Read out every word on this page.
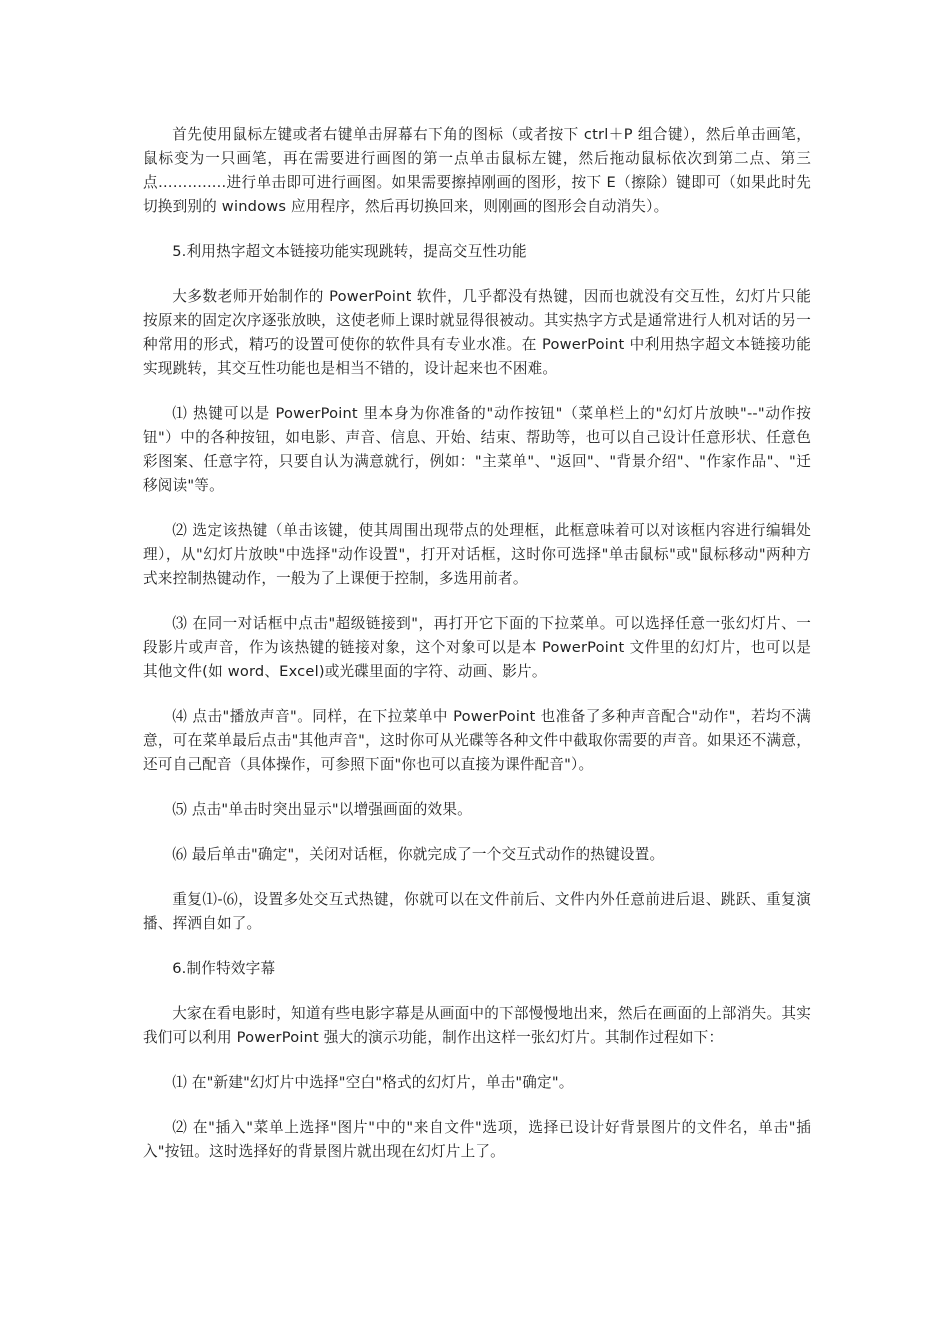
首先使用鼠标左键或者右键单击屏幕右下角的图标（或者按下 ctrl＋P 组合键），然后单击画笔，鼠标变为一只画笔，再在需要进行画图的第一点单击鼠标左键，然后拖动鼠标依次到第二点、第三点……........进行单击即可进行画图。如果需要擦掉刚画的图形，按下 E（擦除）键即可（如果此时先切换到别的 windows 应用程序，然后再切换回来，则刚画的图形会自动消失）。

5.利用热字超文本链接功能实现跳转，提高交互性功能

大多数老师开始制作的 PowerPoint 软件，几乎都没有热键，因而也就没有交互性，幻灯片只能按原来的固定次序逐张放映，这使老师上课时就显得很被动。其实热字方式是通常进行人机对话的另一种常用的形式，精巧的设置可使你的软件具有专业水准。在 PowerPoint 中利用热字超文本链接功能实现跳转，其交互性功能也是相当不错的，设计起来也不困难。

⑴ 热键可以是 PowerPoint 里本身为你准备的"动作按钮"（菜单栏上的"幻灯片放映"--"动作按钮"）中的各种按钮，如电影、声音、信息、开始、结束、帮助等，也可以自己设计任意形状、任意色彩图案、任意字符，只要自认为满意就行，例如："主菜单"、"返回"、"背景介绍"、"作家作品"、"迁移阅读"等。

⑵ 选定该热键（单击该键，使其周围出现带点的处理框，此框意味着可以对该框内容进行编辑处理），从"幻灯片放映"中选择"动作设置"，打开对话框，这时你可选择"单击鼠标"或"鼠标移动"两种方式来控制热键动作，一般为了上课便于控制，多选用前者。

⑶ 在同一对话框中点击"超级链接到"，再打开它下面的下拉菜单。可以选择任意一张幻灯片、一段影片或声音，作为该热键的链接对象，这个对象可以是本 PowerPoint 文件里的幻灯片，也可以是其他文件(如 word、Excel)或光碟里面的字符、动画、影片。

⑷ 点击"播放声音"。同样，在下拉菜单中 PowerPoint 也准备了多种声音配合"动作"，若均不满意，可在菜单最后点击"其他声音"，这时你可从光碟等各种文件中截取你需要的声音。如果还不满意，还可自己配音（具体操作，可参照下面"你也可以直接为课件配音"）。

⑸ 点击"单击时突出显示"以增强画面的效果。

⑹ 最后单击"确定"，关闭对话框，你就完成了一个交互式动作的热键设置。

重复⑴-⑹，设置多处交互式热键，你就可以在文件前后、文件内外任意前进后退、跳跃、重复演播、挥洒自如了。

6.制作特效字幕

大家在看电影时，知道有些电影字幕是从画面中的下部慢慢地出来，然后在画面的上部消失。其实我们可以利用 PowerPoint 强大的演示功能，制作出这样一张幻灯片。其制作过程如下：

⑴ 在"新建"幻灯片中选择"空白"格式的幻灯片，单击"确定"。

⑵ 在"插入"菜单上选择"图片"中的"来自文件"选项，选择已设计好背景图片的文件名，单击"插入"按钮。这时选择好的背景图片就出现在幻灯片上了。
